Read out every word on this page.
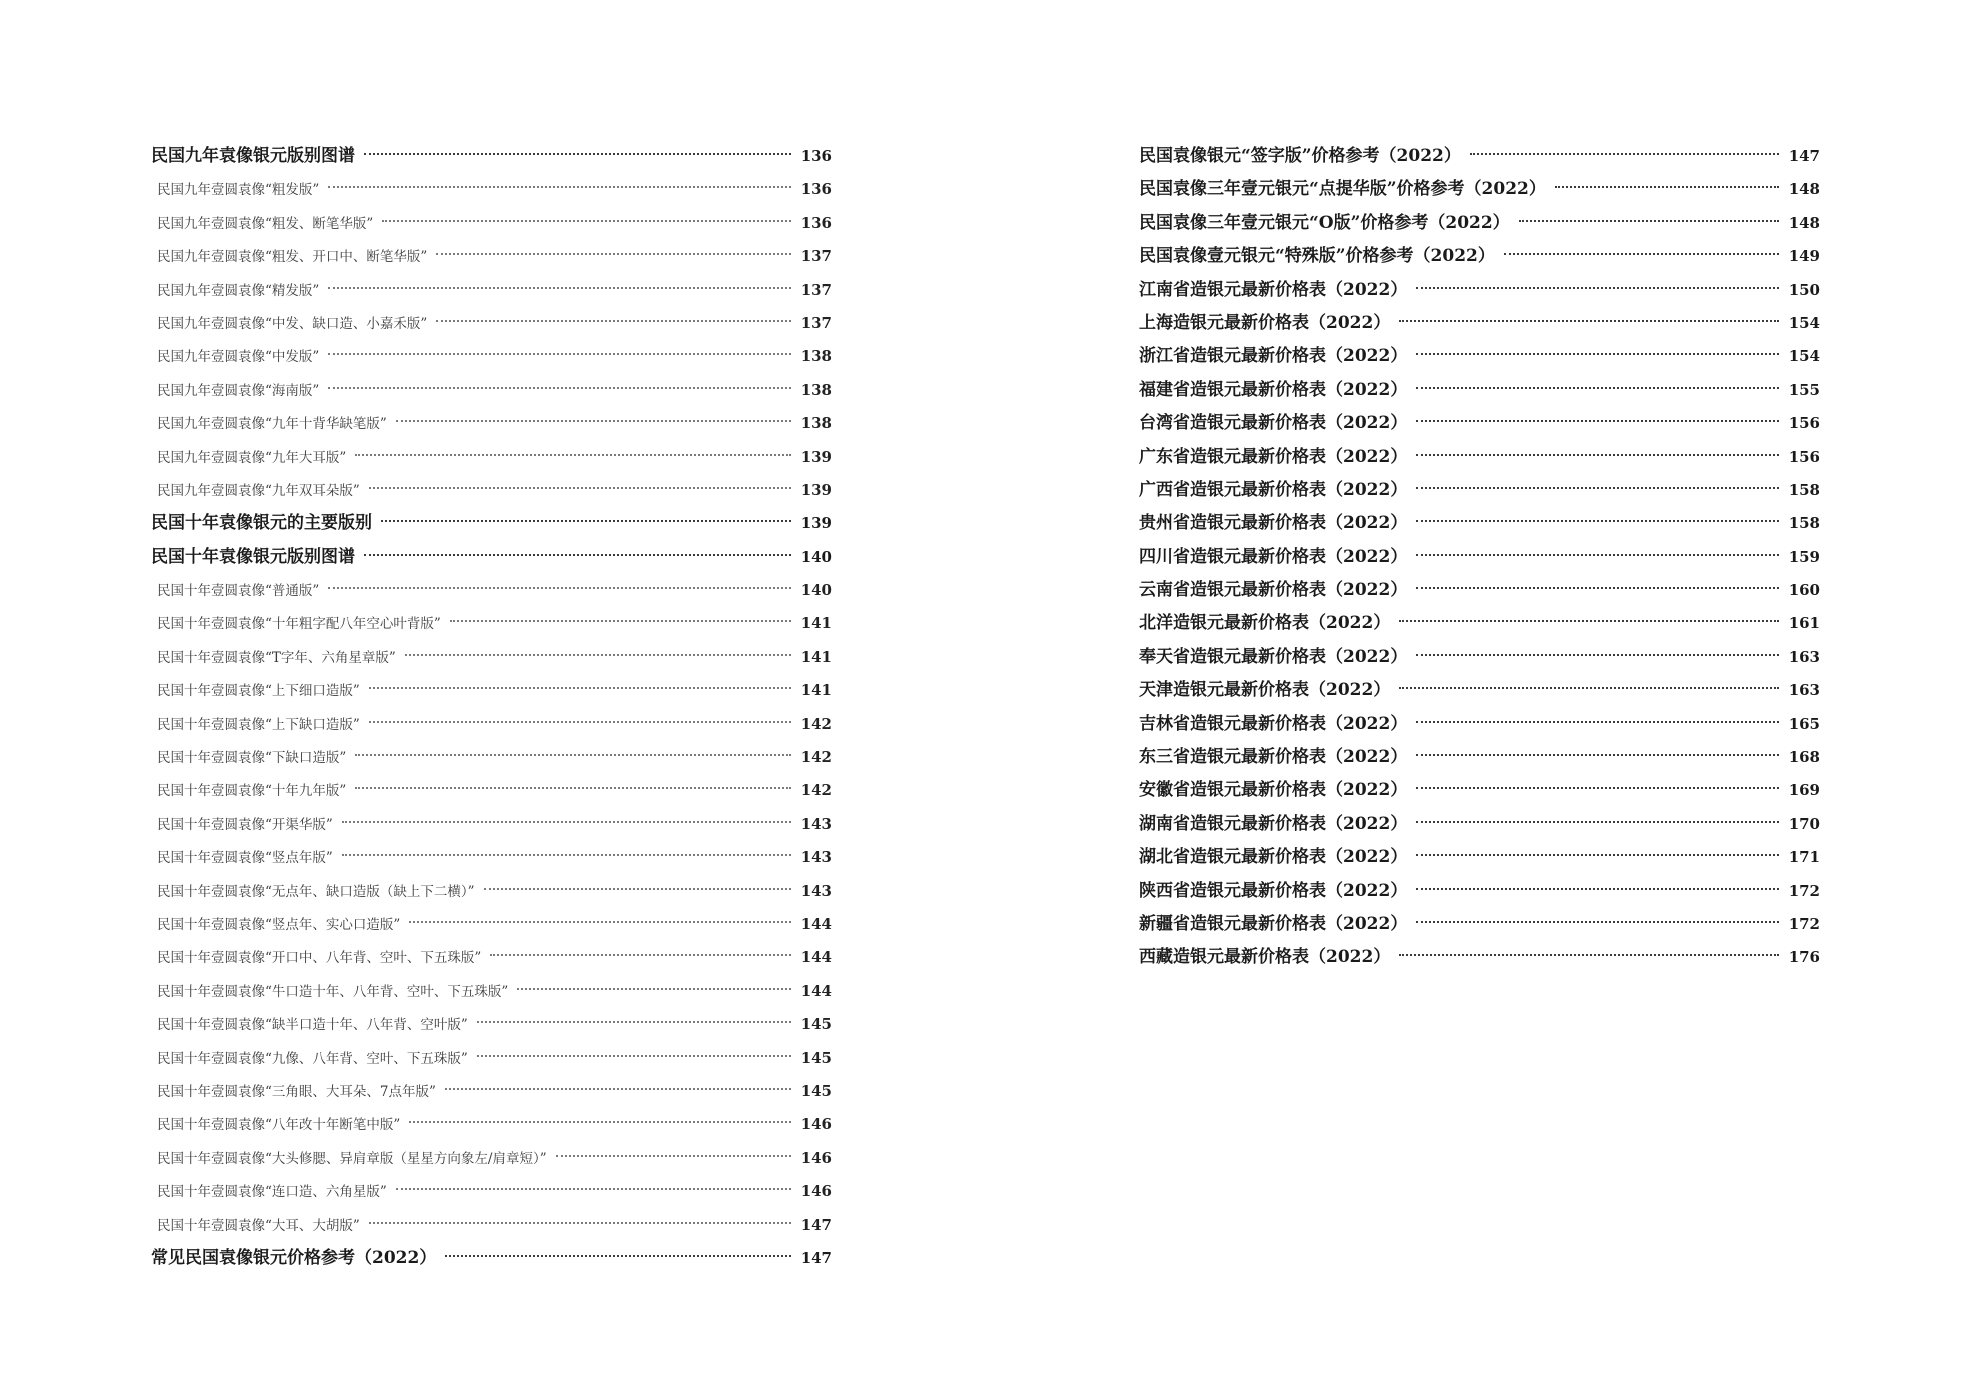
民国九年袁像银元版别图谱	136
民国九年壹圆袁像“粗发版”	136
民国九年壹圆袁像“粗发、断笔华版”	136
民国九年壹圆袁像“粗发、开口中、断笔华版”	137
民国九年壹圆袁像“精发版”	137
民国九年壹圆袁像“中发、缺口造、小嘉禾版”	137
民国九年壹圆袁像“中发版”	138
民国九年壹圆袁像“海南版”	138
民国九年壹圆袁像“九年十背华缺笔版”	138
民国九年壹圆袁像“九年大耳版”	139
民国九年壹圆袁像“九年双耳朵版”	139
民国十年袁像银元的主要版别	139
民国十年袁像银元版别图谱	140
民国十年壹圆袁像“普通版”	140
民国十年壹圆袁像“十年粗字配八年空心叶背版”	141
民国十年壹圆袁像“T字年、六角星章版”	141
民国十年壹圆袁像“上下细口造版”	141
民国十年壹圆袁像“上下缺口造版”	142
民国十年壹圆袁像“下缺口造版”	142
民国十年壹圆袁像“十年九年版”	142
民国十年壹圆袁像“开渠华版”	143
民国十年壹圆袁像“竖点年版”	143
民国十年壹圆袁像“无点年、缺口造版（缺上下二横）”	143
民国十年壹圆袁像“竖点年、实心口造版”	144
民国十年壹圆袁像“开口中、八年背、空叶、下五珠版”	144
民国十年壹圆袁像“牛口造十年、八年背、空叶、下五珠版”	144
民国十年壹圆袁像“缺半口造十年、八年背、空叶版”	145
民国十年壹圆袁像“九像、八年背、空叶、下五珠版”	145
民国十年壹圆袁像“三角眼、大耳朵、7点年版”	145
民国十年壹圆袁像“八年改十年断笔中版”	146
民国十年壹圆袁像“大头修腮、异肩章版（星星方向象左/肩章短）”	146
民国十年壹圆袁像“连口造、六角星版”	146
民国十年壹圆袁像“大耳、大胡版”	147
常见民国袁像银元价格参考（2022）	147
民国袁像银元“签字版”价格参考（2022）	147
民国袁像三年壹元银元“点提华版”价格参考（2022）	148
民国袁像三年壹元银元“O版”价格参考（2022）	148
民国袁像壹元银元“特殊版”价格参考（2022）	149
江南省造银元最新价格表（2022）	150
上海造银元最新价格表（2022）	154
浙江省造银元最新价格表（2022）	154
福建省造银元最新价格表（2022）	155
台湾省造银元最新价格表（2022）	156
广东省造银元最新价格表（2022）	156
广西省造银元最新价格表（2022）	158
贵州省造银元最新价格表（2022）	158
四川省造银元最新价格表（2022）	159
云南省造银元最新价格表（2022）	160
北洋造银元最新价格表（2022）	161
奉天省造银元最新价格表（2022）	163
天津造银元最新价格表（2022）	163
吉林省造银元最新价格表（2022）	165
东三省造银元最新价格表（2022）	168
安徽省造银元最新价格表（2022）	169
湖南省造银元最新价格表（2022）	170
湖北省造银元最新价格表（2022）	171
陕西省造银元最新价格表（2022）	172
新疆省造银元最新价格表（2022）	172
西藏造银元最新价格表（2022）	176
